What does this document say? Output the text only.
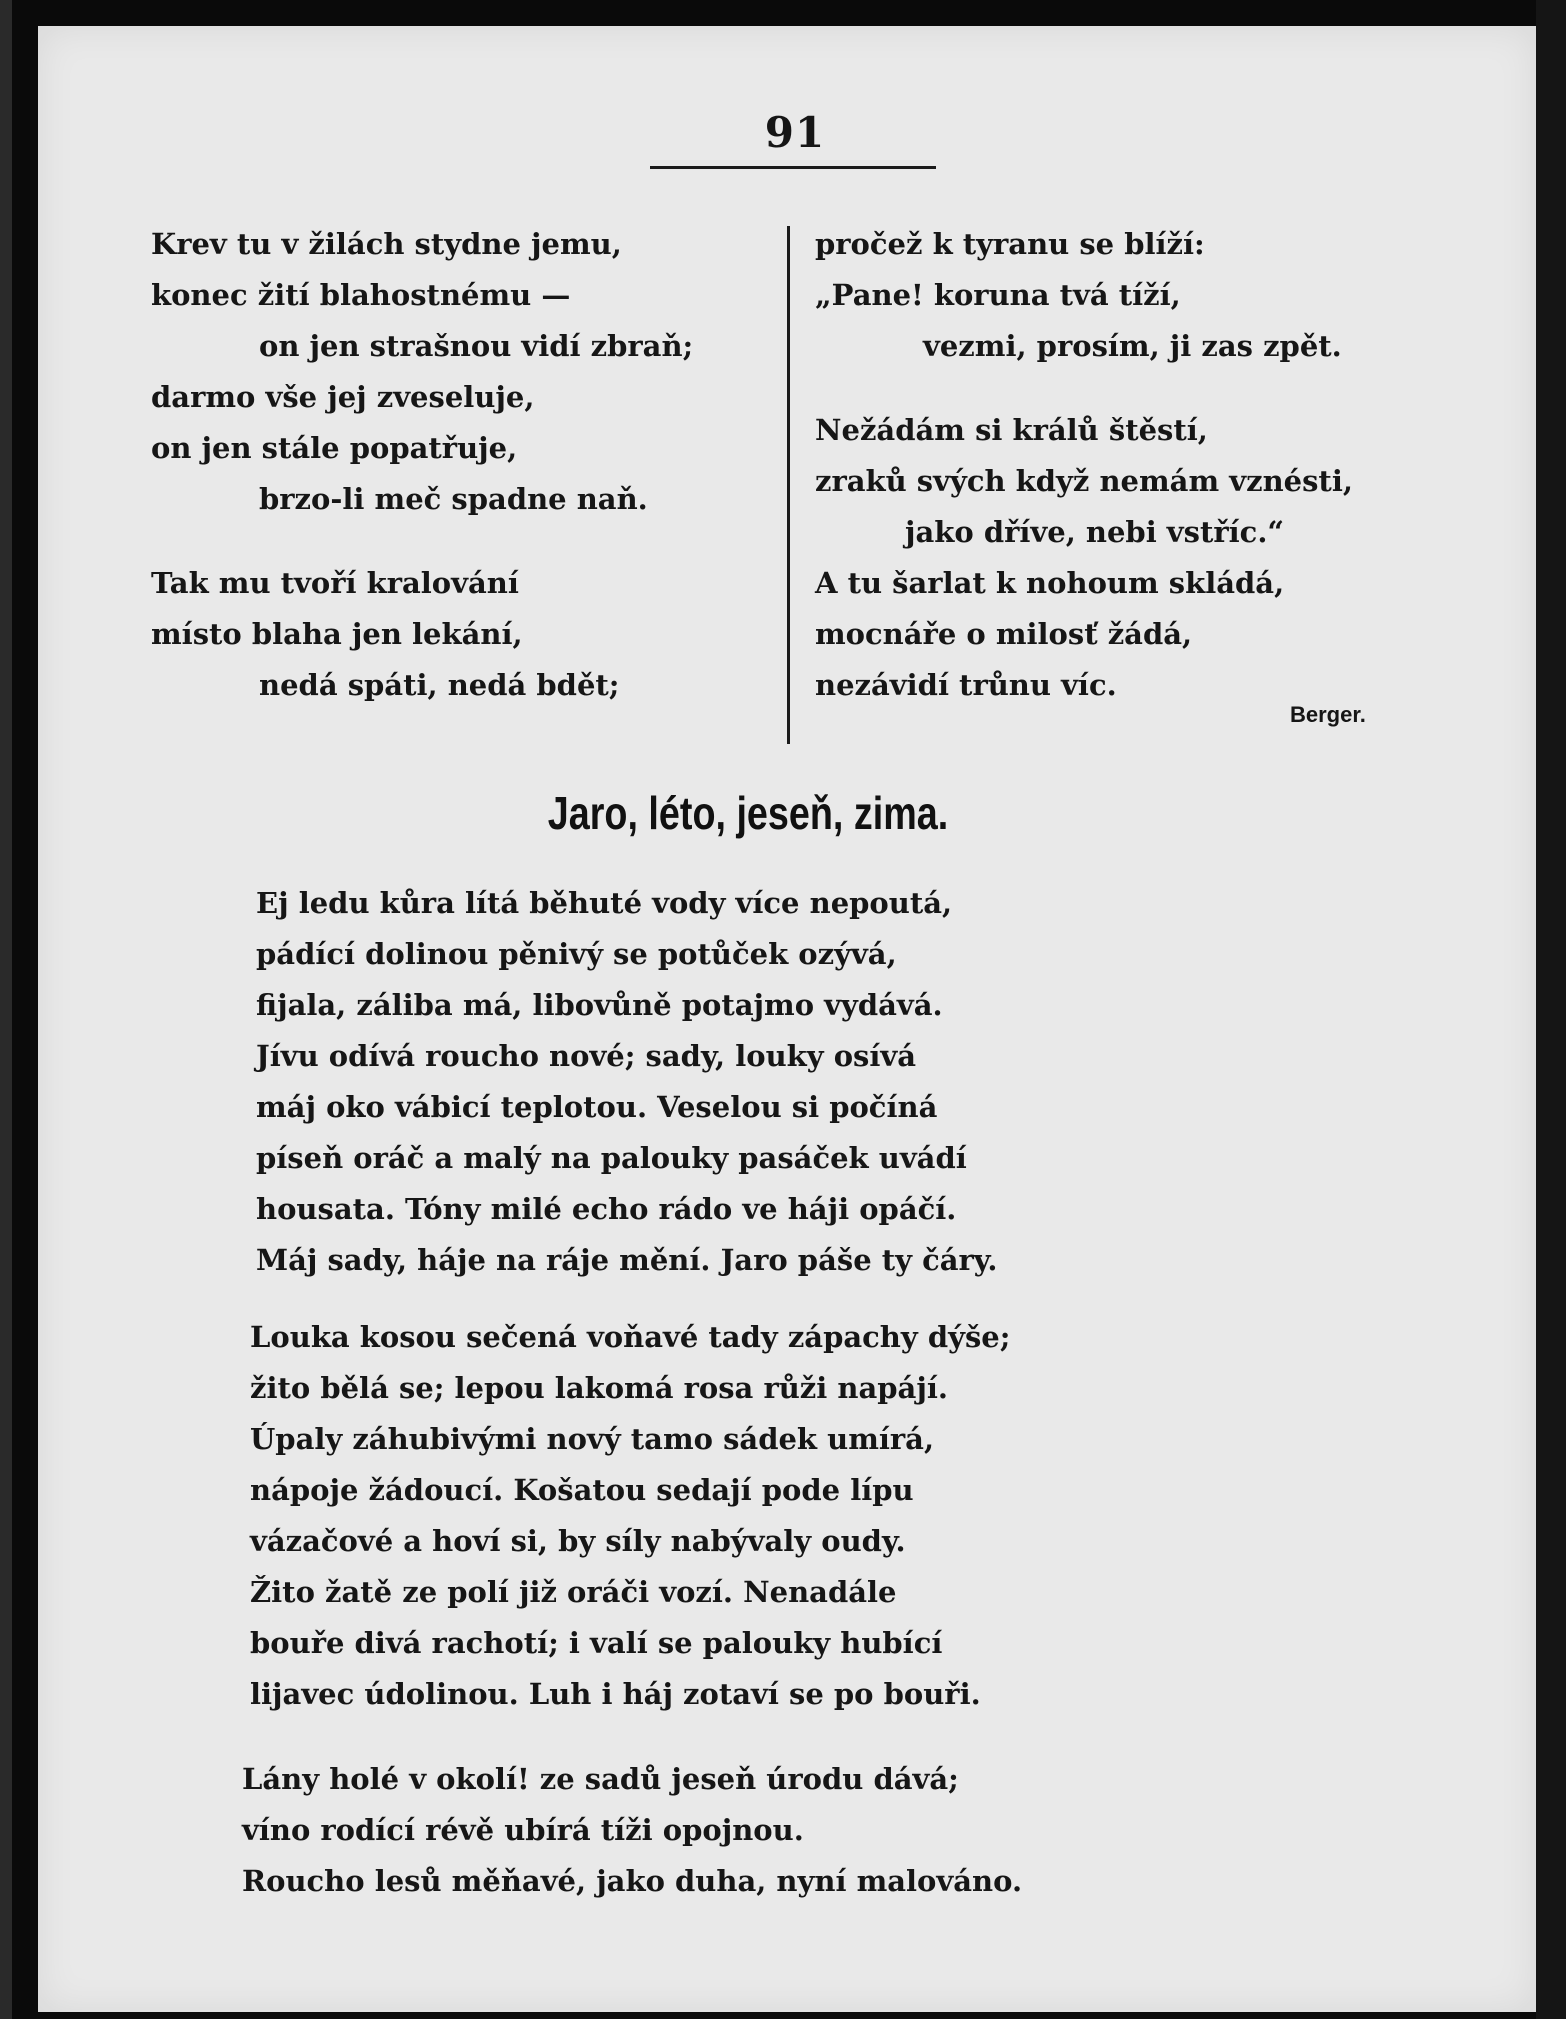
91
Krev tu v žilách stydne jemu,
konec žití blahostnému —
on jen strašnou vidí zbraň;
darmo vše jej zveseluje,
on jen stále popatřuje,
brzo-li meč spadne naň.
Tak mu tvoří kralování
místo blaha jen lekání,
nedá spáti, nedá bdět;
pročež k tyranu se blíží:
„Pane! koruna tvá tíží,
vezmi, prosím, ji zas zpět.
Nežádám si králů štěstí,
zraků svých když nemám vznésti,
jako dříve, nebi vstříc.“
A tu šarlat k nohoum skládá,
mocnáře o milosť žádá,
nezávidí trůnu víc.
Berger.
Jaro, léto, jeseň, zima.
Ej ledu kůra lítá běhuté vody více nepoutá,
pádící dolinou pěnivý se potůček ozývá,
fijala, záliba má, libovůně potajmo vydává.
Jívu odívá roucho nové; sady, louky osívá
máj oko vábicí teplotou. Veselou si počíná
píseň oráč a malý na palouky pasáček uvádí
housata. Tóny milé echo rádo ve háji opáčí.
Máj sady, háje na ráje mění. Jaro páše ty čáry.
Louka kosou sečená voňavé tady zápachy dýše;
žito bělá se; lepou lakomá rosa růži napájí.
Úpaly záhubivými nový tamo sádek umírá,
nápoje žádoucí. Košatou sedají pode lípu
vázačové a hoví si, by síly nabývaly oudy.
Žito žatě ze polí již oráči vozí. Nenadále
bouře divá rachotí; i valí se palouky hubící
lijavec údolinou. Luh i háj zotaví se po bouři.
Lány holé v okolí! ze sadů jeseň úrodu dává;
víno rodící révě ubírá tíži opojnou.
Roucho lesů měňavé, jako duha, nyní malováno.
